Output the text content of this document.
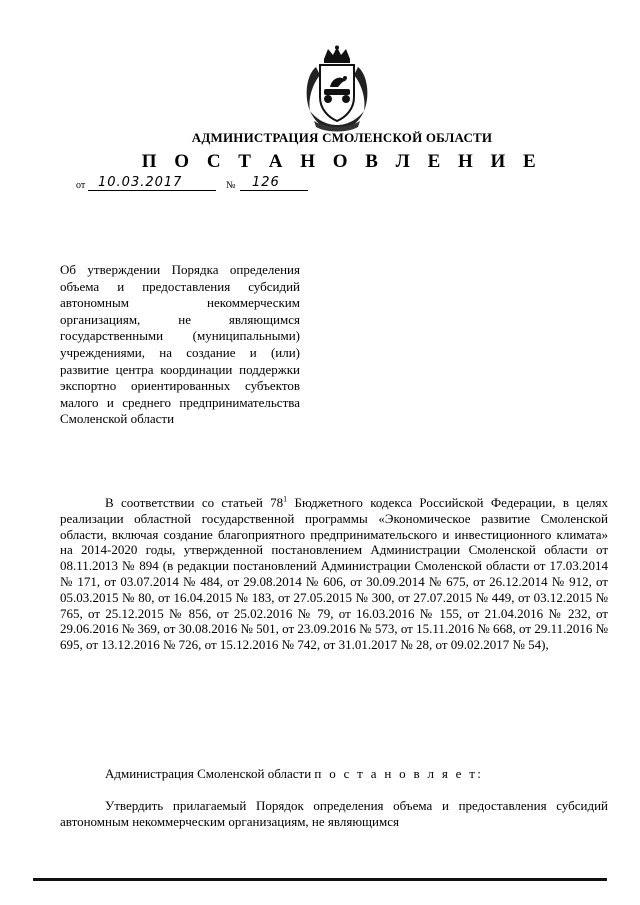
АДМИНИСТРАЦИЯ СМОЛЕНСКОЙ ОБЛАСТИ
П О С Т А Н О В Л Е Н И Е
от 10.03.2017	№ 126
Об утверждении Порядка определения объема и предоставления субсидий автономным некоммерческим организациям, не являющимся государственными (муниципальными) учреждениями, на создание и (или) развитие центра координации поддержки экспортно ориентированных субъектов малого и среднего предпринимательства Смоленской области
В соответствии со статьей $78^1$ Бюджетного кодекса Российской Федерации, в целях реализации областной государственной программы «Экономическое развитие Смоленской области, включая создание благоприятного предпринимательского и инвестиционного климата» на 2014-2020 годы, утвержденной постановлением Администрации Смоленской области от 08.11.2013 № 894 (в редакции постановлений Администрации Смоленской области от 17.03.2014 № 171, от 03.07.2014 № 484, от 29.08.2014 № 606, от 30.09.2014 № 675, от 26.12.2014 № 912, от 05.03.2015 № 80, от 16.04.2015 № 183, от 27.05.2015 № 300, от 27.07.2015 № 449, от 03.12.2015 № 765, от 25.12.2015 № 856, от 25.02.2016 № 79, от 16.03.2016 № 155, от 21.04.2016 № 232, от 29.06.2016 № 369, от 30.08.2016 № 501, от 23.09.2016 № 573, от 15.11.2016 № 668, от 29.11.2016 № 695, от 13.12.2016 № 726, от 15.12.2016 № 742, от 31.01.2017 № 28, от 09.02.2017 № 54),
Администрация Смоленской области п о с т а н о в л я е т:
Утвердить прилагаемый Порядок определения объема и предоставления субсидий автономным некоммерческим организациям, не являющимся
